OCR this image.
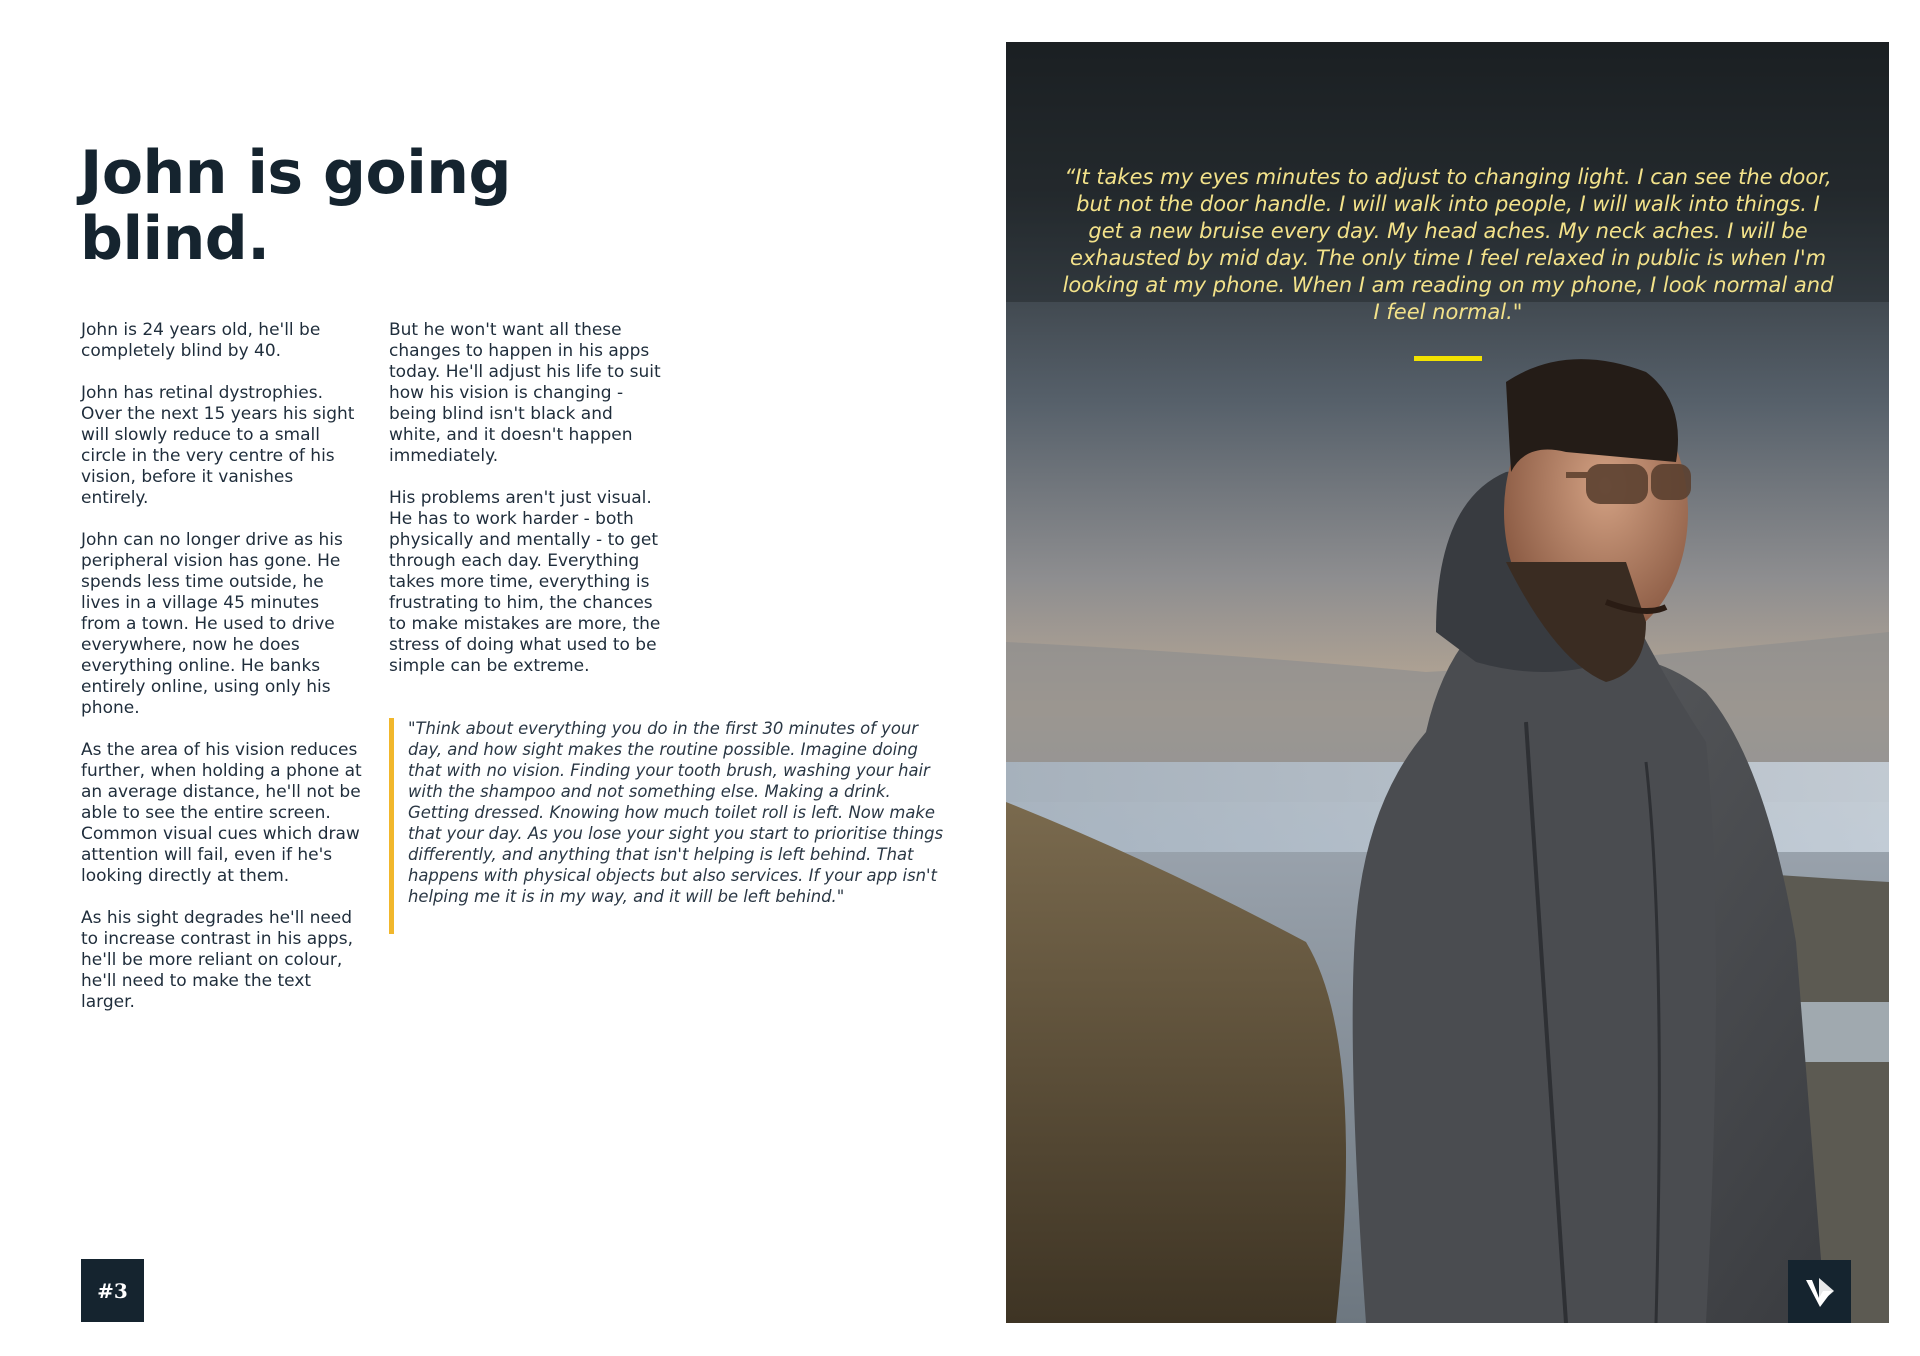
John is going blind.

John is 24 years old, he'll be completely blind by 40.

John has retinal dystrophies. Over the next 15 years his sight will slowly reduce to a small circle in the very centre of his vision, before it vanishes entirely.

John can no longer drive as his peripheral vision has gone. He spends less time outside, he lives in a village 45 minutes from a town. He used to drive everywhere, now he does everything online. He banks entirely online, using only his phone.

As the area of his vision reduces further, when holding a phone at an average distance, he'll not be able to see the entire screen. Common visual cues which draw attention will fail, even if he's looking directly at them.

As his sight degrades he'll need to increase contrast in his apps, he'll be more reliant on colour, he'll need to make the text larger.

But he won't want all these changes to happen in his apps today. He'll adjust his life to suit how his vision is changing - being blind isn't black and white, and it doesn't happen immediately.

His problems aren't just visual. He has to work harder - both physically and mentally - to get through each day. Everything takes more time, everything is frustrating to him, the chances to make mistakes are more, the stress of doing what used to be simple can be extreme.

"Think about everything you do in the first 30 minutes of your day, and how sight makes the routine possible. Imagine doing that with no vision. Finding your tooth brush, washing your hair with the shampoo and not something else. Making a drink. Getting dressed. Knowing how much toilet roll is left. Now make that your day. As you lose your sight you start to prioritise things differently, and anything that isn't helping is left behind. That happens with physical objects but also services. If your app isn't helping me it is in my way, and it will be left behind."
#3

“It takes my eyes minutes to adjust to changing light. I can see the door, but not the door handle. I will walk into people, I will walk into things. I get a new bruise every day. My head aches. My neck aches. I will be exhausted by mid day. The only time I feel relaxed in public is when I'm looking at my phone. When I am reading on my phone, I look normal and I feel normal."
